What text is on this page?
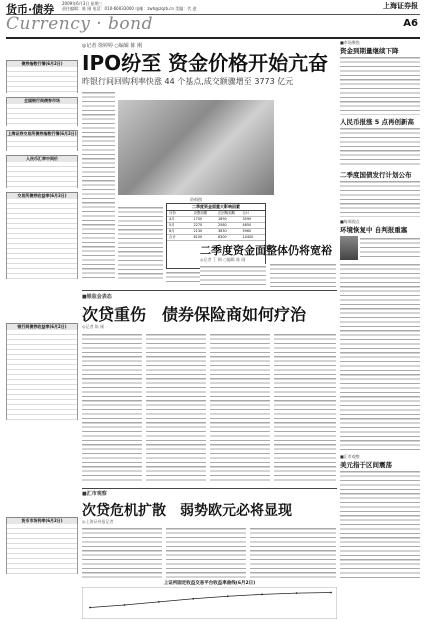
货币·债券 2009年6月3日 星期三
责任编辑：陈 刚 电话：010-66033000 电邮：zwh@zqrb.cn 美编：代 进	上海证券报
Currency · bond	A6
债券指数行情(6月2日)
全国银行间债券市场
上海证券交易所债券指数行情(6月2日)
人民币汇率中间价
交易所债券收益率(6月2日)
银行间债券收益率(6月2日)
货币市场利率(6月2日)
◎记者 徐婷婷 ○编辑 陈 刚
IPO纷至 资金价格开始亢奋
昨银行间回购利率快涨 44 个基点,成交额骤增至 3773 亿元
资料图
二季度资金面重大影响因素
月份	央票到期	正回购到期	合计
4月	1700	1890	3590
5月	2270	2580	4850
6月	2130	3830	5960
合计	6100	8300	14400
二季度资金面整体仍将宽裕
◎记者 丁 枫 ○编辑 陈 刚
■银监会表态
次贷重伤　债券保险商如何疗治
◎记者 陈 刚
■汇市观察
次贷危机扩散　弱势欧元必将显现
◎上海证券报记者
上证所固定收益交易平台收益率曲线(6月2日)
■市场聚焦
资金到期量继续下降
人民币报涨 5 点再创新高
二季度国债发行计划公布
■每周视点
环境恢复中 自判报重塞
■汇市观察
美元指于区间震荡
